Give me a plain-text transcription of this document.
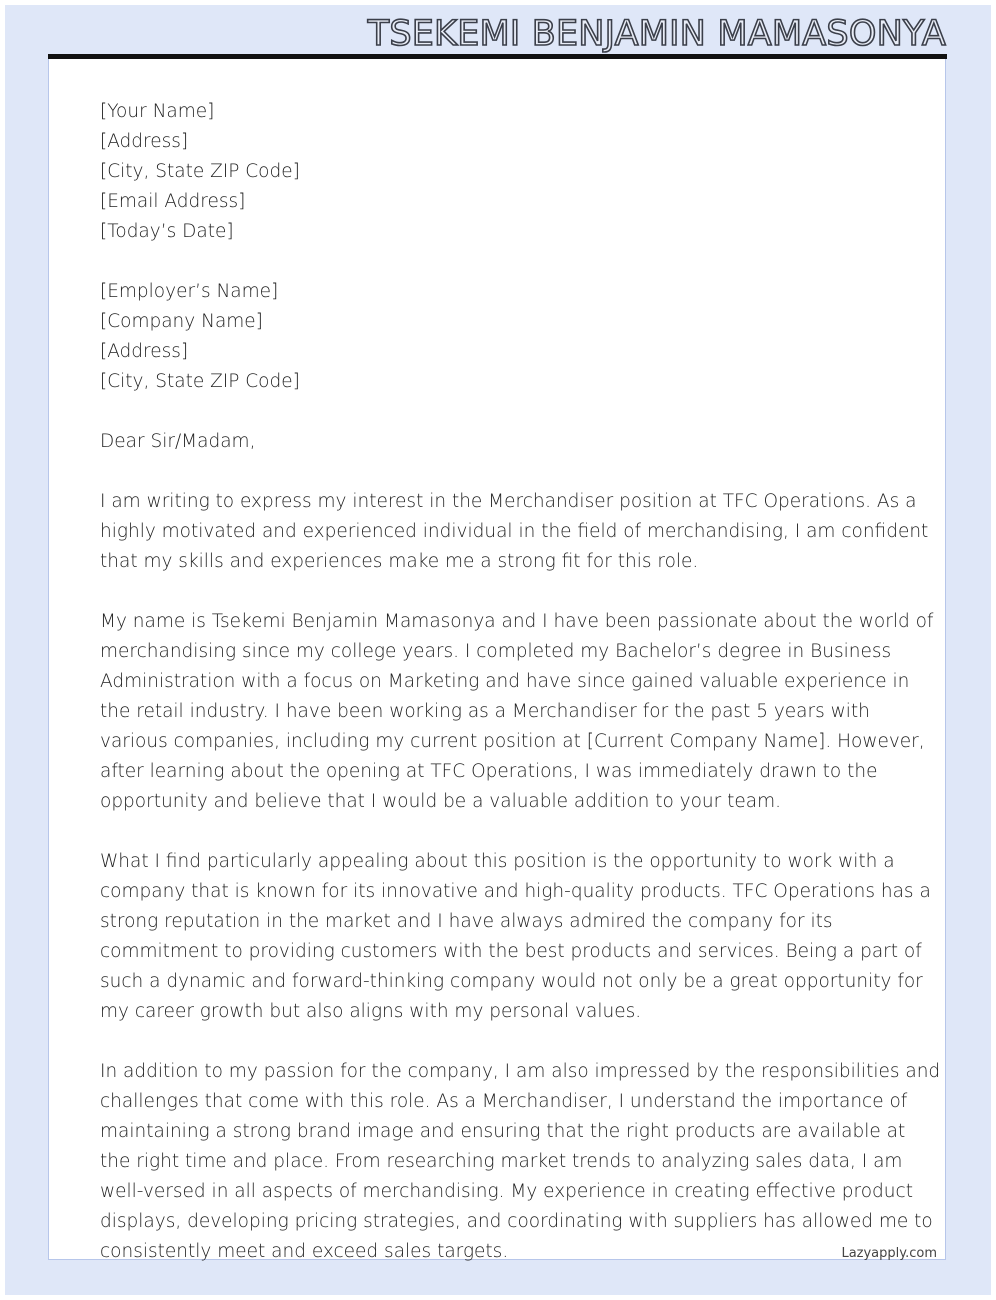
TSEKEMI BENJAMIN MAMASONYA
[Your Name]
[Address]
[City, State ZIP Code]
[Email Address]
[Today’s Date]
[Employer’s Name]
[Company Name]
[Address]
[City, State ZIP Code]
Dear Sir/Madam,

I am writing to express my interest in the Merchandiser position at TFC Operations. As a
highly motivated and experienced individual in the field of merchandising, I am confident
that my skills and experiences make me a strong fit for this role.

My name is Tsekemi Benjamin Mamasonya and I have been passionate about the world of
merchandising since my college years. I completed my Bachelor’s degree in Business
Administration with a focus on Marketing and have since gained valuable experience in
the retail industry. I have been working as a Merchandiser for the past 5 years with
various companies, including my current position at [Current Company Name]. However,
after learning about the opening at TFC Operations, I was immediately drawn to the
opportunity and believe that I would be a valuable addition to your team.

What I find particularly appealing about this position is the opportunity to work with a
company that is known for its innovative and high-quality products. TFC Operations has a
strong reputation in the market and I have always admired the company for its
commitment to providing customers with the best products and services. Being a part of
such a dynamic and forward-thinking company would not only be a great opportunity for
my career growth but also aligns with my personal values.

In addition to my passion for the company, I am also impressed by the responsibilities and
challenges that come with this role. As a Merchandiser, I understand the importance of
maintaining a strong brand image and ensuring that the right products are available at
the right time and place. From researching market trends to analyzing sales data, I am
well-versed in all aspects of merchandising. My experience in creating effective product
displays, developing pricing strategies, and coordinating with suppliers has allowed me to
consistently meet and exceed sales targets.	Lazyapply.com
